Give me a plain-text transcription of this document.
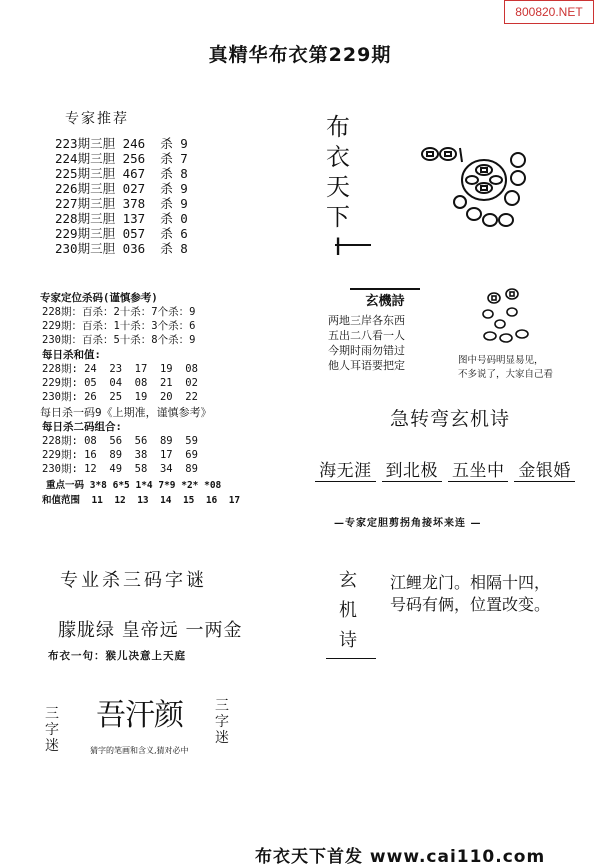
800820.NET
真精华布衣第229期
专家推荐
223期三胆 246  杀 9
224期三胆 256  杀 7
225期三胆 467  杀 8
226期三胆 027  杀 9
227期三胆 378  杀 9
228期三胆 137  杀 0
229期三胆 057  杀 6
230期三胆 036  杀 8
专家定位杀码(谨慎参考)
228期：百杀：2十杀：7个杀：9
229期：百杀：1十杀：3个杀：6
230期：百杀：5十杀：8个杀：9
每日杀和值:
228期: 24  23  17  19  08
229期: 05  04  08  21  02
230期: 26  25  19  20  22
每日杀一码9《上期准，谨慎参考》
每日杀二码组合:
228期: 08  56  56  89  59
229期: 16  89  38  17  69
230期: 12  49  58  34  89
重点一码 3*8 6*5 1*4 7*9 *2* *08
和值范围  11  12  13  14  15  16  17
布
衣
天
下
I
玄機詩
两地三岸各东西
五出二八看一人
今期时雨勿错过
他人耳语要把定	图中号码明显易见，
不多说了，大家自己看
急转弯玄机诗
海无涯 到北极 五坐中 金银婚
—专家定胆剪拐角接坏来连 —
玄
机
诗
江鲤龙门。相隔十四，
号码有俩，位置改变。
专业杀三码字谜
朦胧绿 皇帝远 一两金
布衣一句：猴儿决意上天庭
三
字
迷
吾汗颜 三
字
迷
猜字的笔画和含义,猜对必中
布衣天下首发 www.cai110.com
